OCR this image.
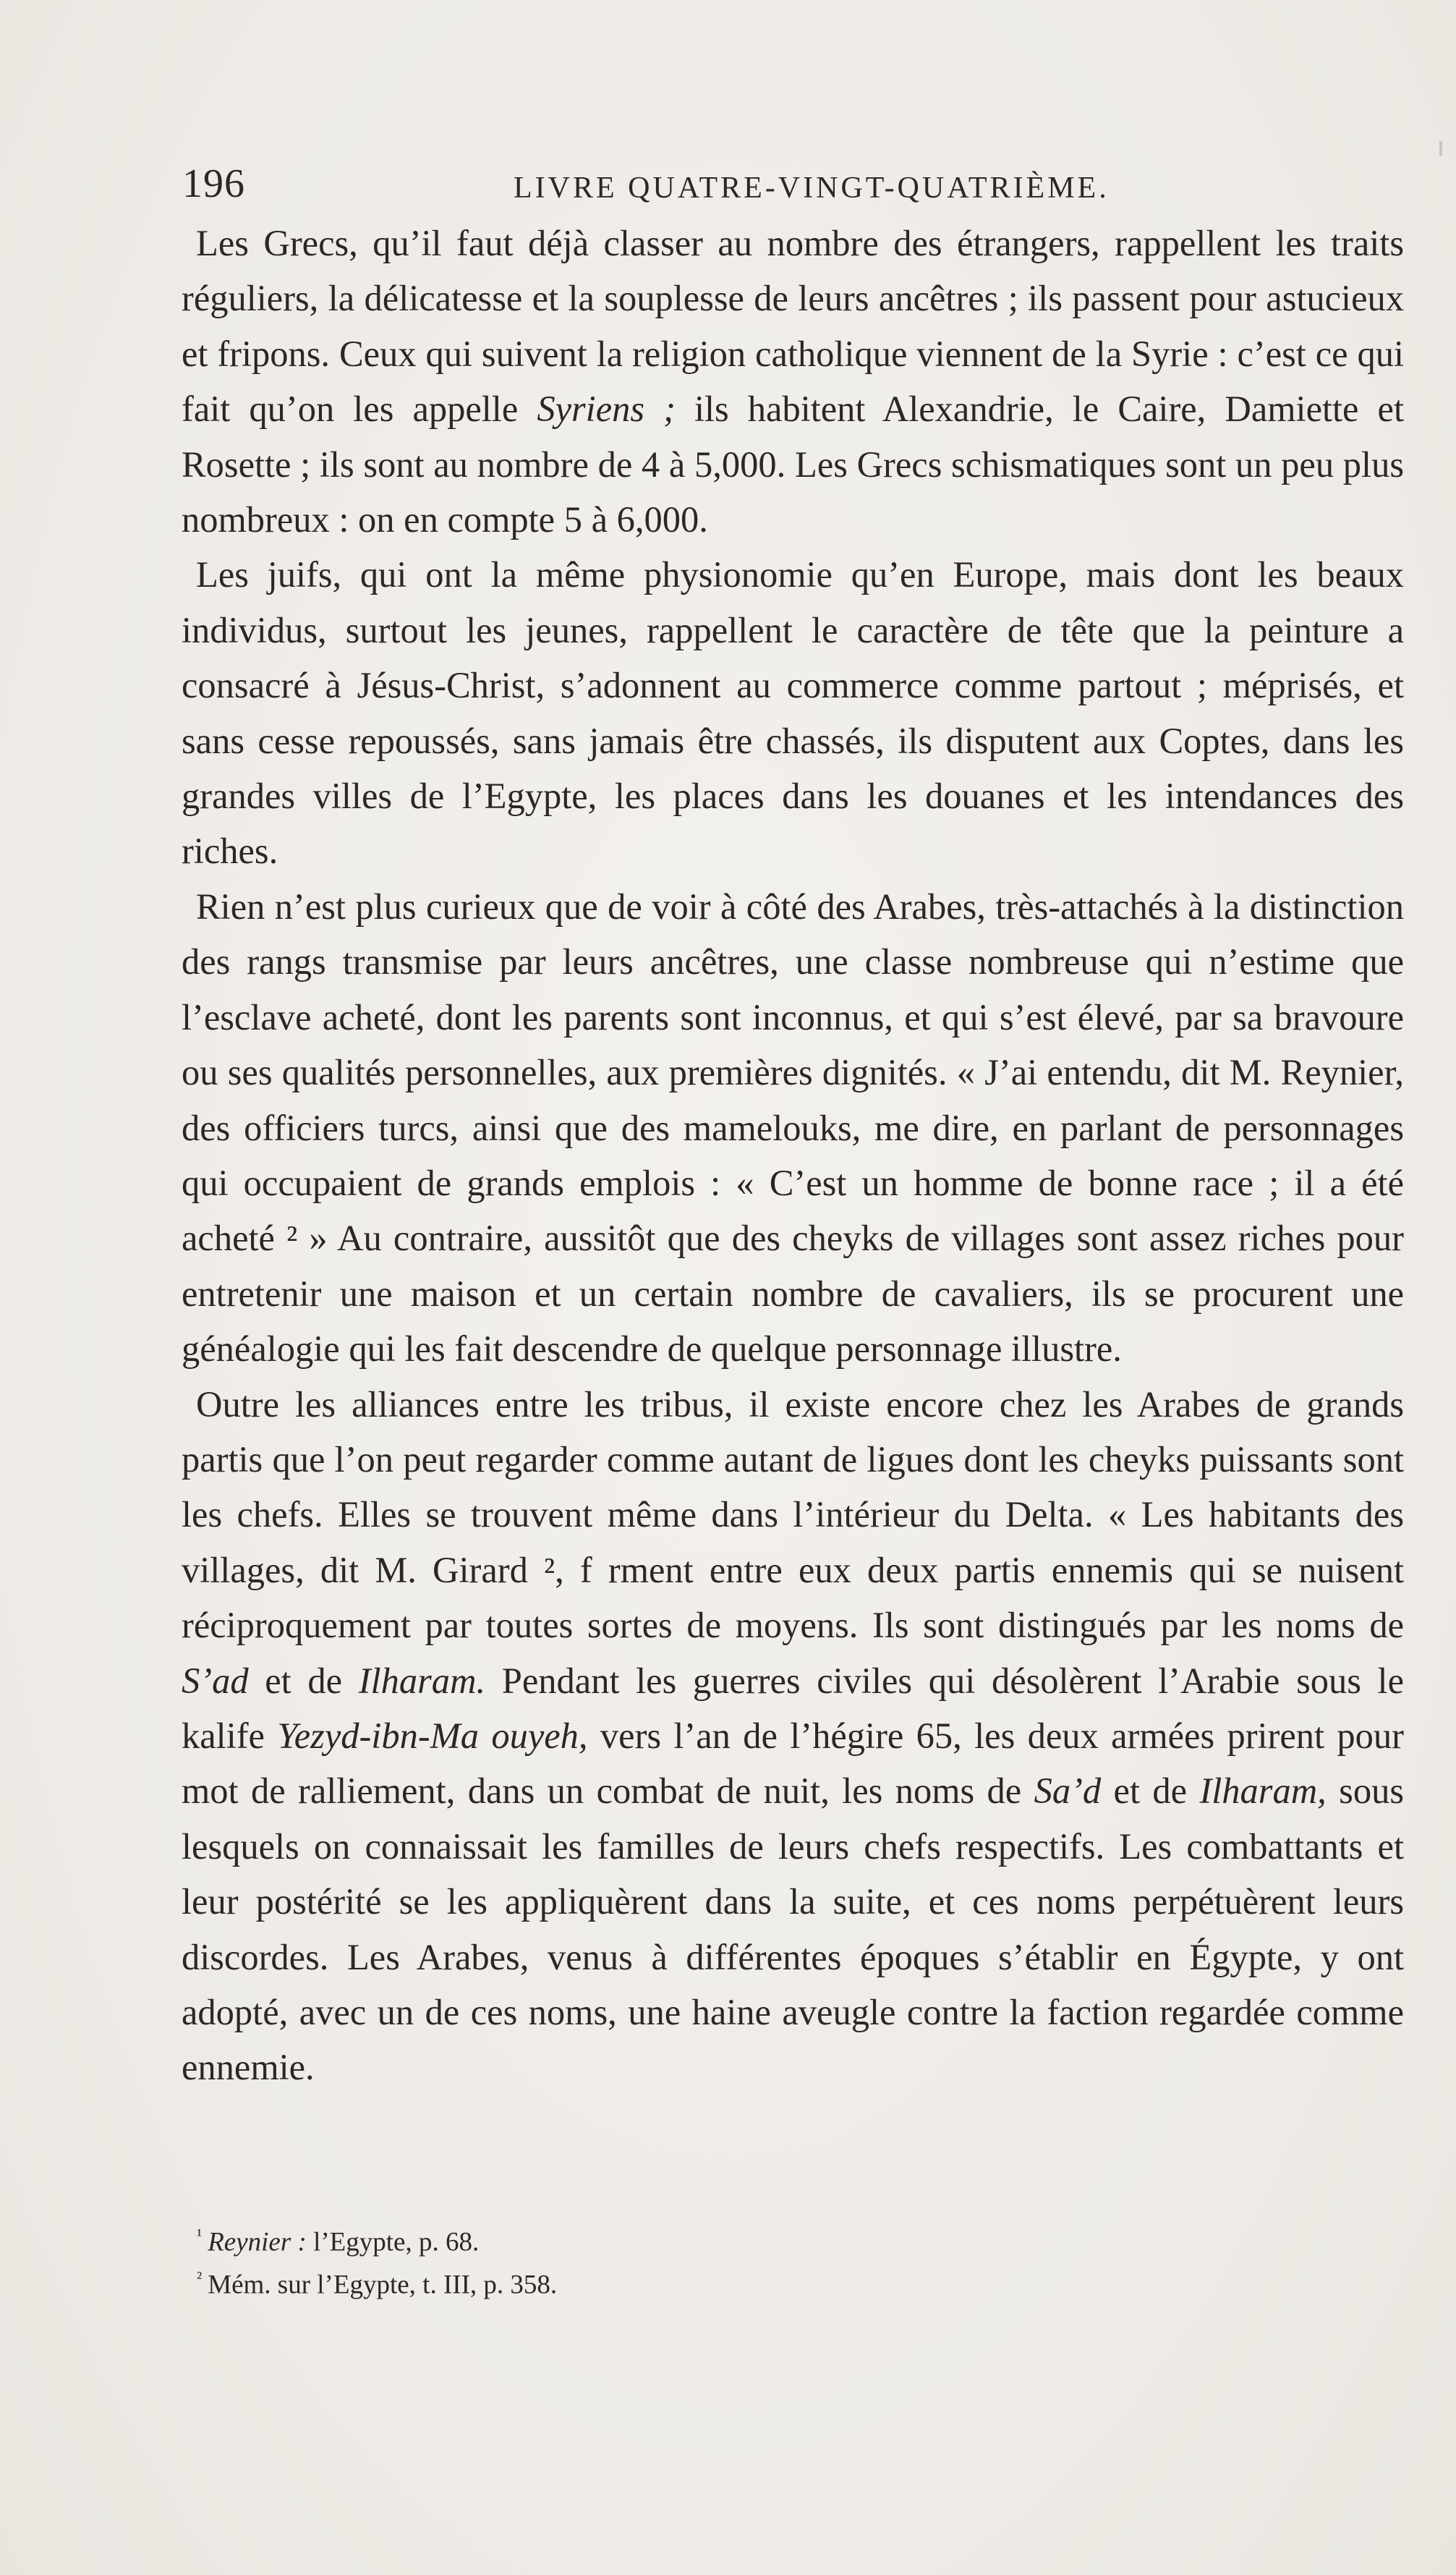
196	LIVRE QUATRE-VINGT-QUATRIÈME.

Les Grecs, qu’il faut déjà classer au nombre des étrangers, rappellent les traits réguliers, la délicatesse et la souplesse de leurs ancêtres ; ils passent pour astucieux et fripons. Ceux qui suivent la religion catholique viennent de la Syrie : c’est ce qui fait qu’on les appelle Syriens ; ils habitent Alexandrie, le Caire, Damiette et Rosette ; ils sont au nombre de 4 à 5,000. Les Grecs schismatiques sont un peu plus nombreux : on en compte 5 à 6,000.

Les juifs, qui ont la même physionomie qu’en Europe, mais dont les beaux individus, surtout les jeunes, rappellent le caractère de tête que la peinture a consacré à Jésus-Christ, s’adonnent au commerce comme partout ; méprisés, et sans cesse repoussés, sans jamais être chassés, ils disputent aux Coptes, dans les grandes villes de l’Egypte, les places dans les douanes et les intendances des riches.

Rien n’est plus curieux que de voir à côté des Arabes, très-attachés à la distinction des rangs transmise par leurs ancêtres, une classe nombreuse qui n’estime que l’esclave acheté, dont les parents sont inconnus, et qui s’est élevé, par sa bravoure ou ses qualités personnelles, aux premières dignités. « J’ai entendu, dit M. Reynier, des officiers turcs, ainsi que des mamelouks, me dire, en parlant de personnages qui occupaient de grands emplois : « C’est un homme de bonne race ; il a été acheté ² » Au contraire, aussitôt que des cheyks de villages sont assez riches pour entretenir une maison et un certain nombre de cavaliers, ils se procurent une généalogie qui les fait descendre de quelque personnage illustre.

Outre les alliances entre les tribus, il existe encore chez les Arabes de grands partis que l’on peut regarder comme autant de ligues dont les cheyks puissants sont les chefs. Elles se trouvent même dans l’intérieur du Delta. « Les habitants des villages, dit M. Girard ², f rment entre eux deux partis ennemis qui se nuisent réciproquement par toutes sortes de moyens. Ils sont distingués par les noms de S’ad et de Ilharam. Pendant les guerres civiles qui désolèrent l’Arabie sous le kalife Yezyd-ibn-Ma ouyeh, vers l’an de l’hégire 65, les deux armées prirent pour mot de ralliement, dans un combat de nuit, les noms de Sa’d et de Ilharam, sous lesquels on connaissait les familles de leurs chefs respectifs. Les combattants et leur postérité se les appliquèrent dans la suite, et ces noms perpétuèrent leurs discordes. Les Arabes, venus à différentes époques s’établir en Égypte, y ont adopté, avec un de ces noms, une haine aveugle contre la faction regardée comme ennemie.

$^{^1}$ Reynier : l’Egypte, p. 68.

$^{^2}$ Mém. sur l’Egypte, t. III, p. 358.
